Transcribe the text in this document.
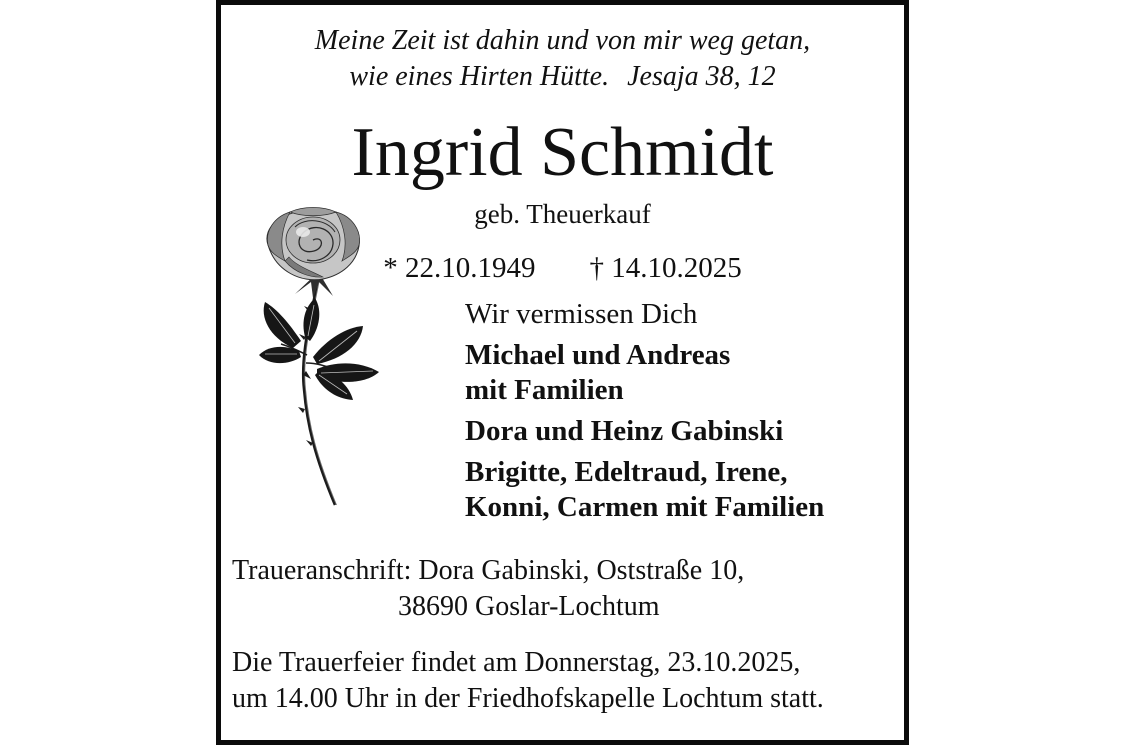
Meine Zeit ist dahin und von mir weg getan,
wie eines Hirten Hütte. Jesaja 38, 12
Ingrid Schmidt
geb. Theuerkauf
* 22.10.1949 † 14.10.2025
Wir vermissen Dich
Michael und Andreas
mit Familien
Dora und Heinz Gabinski
Brigitte, Edeltraud, Irene,
Konni, Carmen mit Familien
Traueranschrift: Dora Gabinski, Oststraße 10,
38690 Goslar-Lochtum
Die Trauerfeier findet am Donnerstag, 23.10.2025,
um 14.00 Uhr in der Friedhofskapelle Lochtum statt.
